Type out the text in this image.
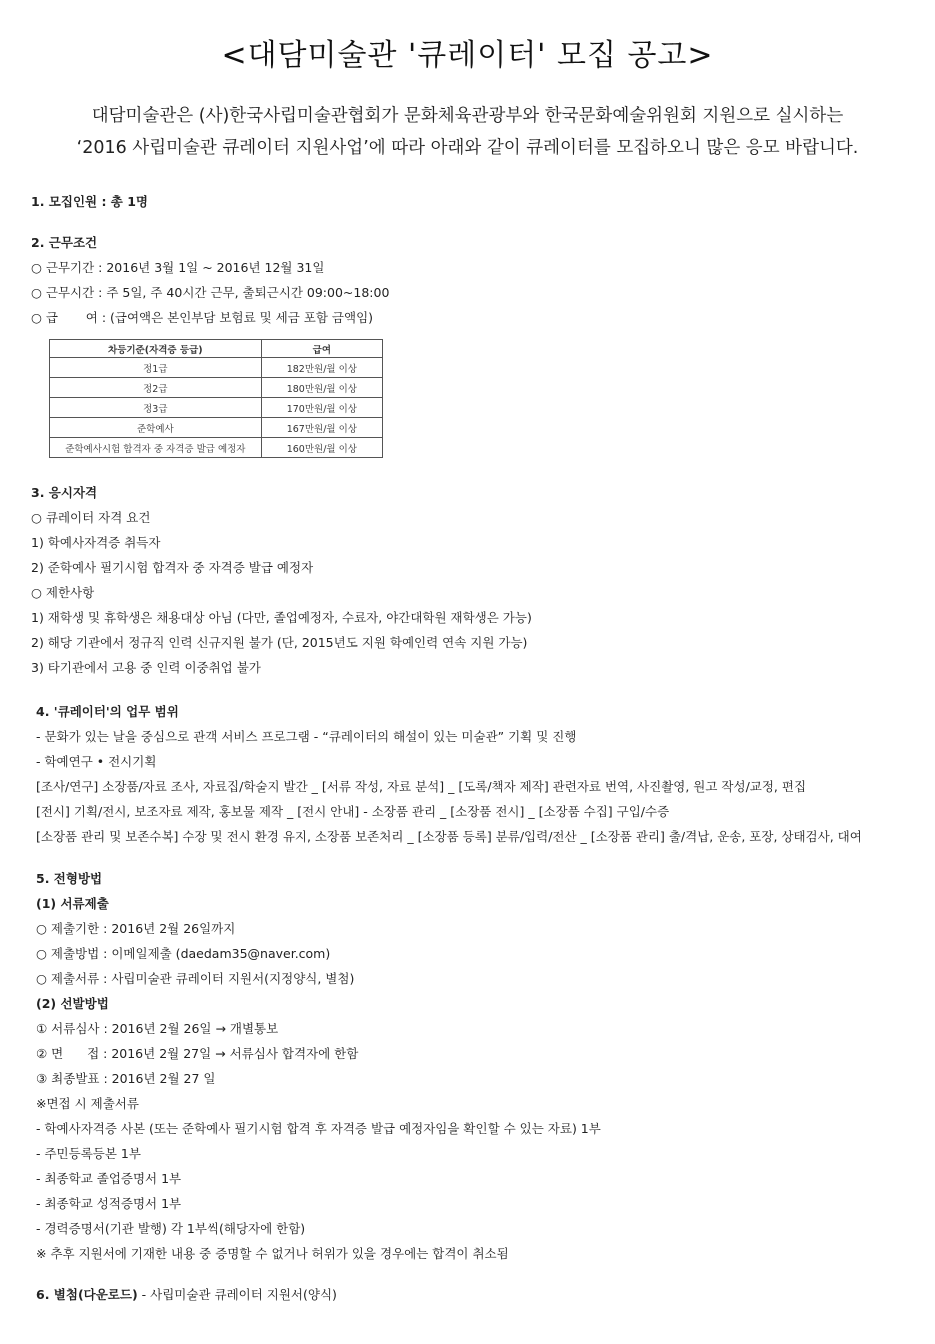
<대담미술관 '큐레이터' 모집 공고>
대담미술관은 (사)한국사립미술관협회가 문화체육관광부와 한국문화예술위원회 지원으로 실시하는
‘2016 사립미술관 큐레이터 지원사업’에 따라 아래와 같이 큐레이터를 모집하오니 많은 응모 바랍니다.
1. 모집인원 : 총 1명
2. 근무조건
○ 근무기간 : 2016년 3월 1일 ~ 2016년 12월 31일
○ 근무시간 : 주 5일, 주 40시간 근무, 출퇴근시간 09:00~18:00
○ 급       여 : (급여액은 본인부담 보험료 및 세금 포함 금액임)
차등기준(자격증 등급)	급여
정1급	182만원/월 이상
정2급	180만원/월 이상
정3급	170만원/월 이상
준학예사	167만원/월 이상
준학예사시험 합격자 중 자격증 발급 예정자	160만원/월 이상
3. 응시자격
○ 큐레이터 자격 요건
1) 학예사자격증 취득자
2) 준학예사 필기시험 합격자 중 자격증 발급 예정자
○ 제한사항
1) 재학생 및 휴학생은 채용대상 아님 (다만, 졸업예정자, 수료자, 야간대학원 재학생은 가능)
2) 해당 기관에서 정규직 인력 신규지원 불가 (단, 2015년도 지원 학예인력 연속 지원 가능)
3) 타기관에서 고용 중 인력 이중취업 불가
4. '큐레이터'의 업무 범위
- 문화가 있는 날을 중심으로 관객 서비스 프로그램 - “큐레이터의 해설이 있는 미술관” 기획 및 진행
- 학예연구 • 전시기획
[조사/연구] 소장품/자료 조사, 자료집/학술지 발간 _ [서류 작성, 자료 분석] _ [도록/책자 제작] 관련자료 번역, 사진촬영, 원고 작성/교정, 편집
[전시] 기획/전시, 보조자료 제작, 홍보물 제작 _ [전시 안내] - 소장품 관리 _ [소장품 전시] _ [소장품 수집] 구입/수증
[소장품 관리 및 보존수복] 수장 및 전시 환경 유지, 소장품 보존처리 _ [소장품 등록] 분류/입력/전산 _ [소장품 관리] 출/격납, 운송, 포장, 상태검사, 대여
5. 전형방법
(1) 서류제출
○ 제출기한 : 2016년 2월 26일까지
○ 제출방법 : 이메일제출 (daedam35@naver.com)
○ 제출서류 : 사립미술관 큐레이터 지원서(지정양식, 별첨)
(2) 선발방법
① 서류심사 : 2016년 2월 26일 → 개별통보
② 면      접 : 2016년 2월 27일 → 서류심사 합격자에 한함
③ 최종발표 : 2016년 2월 27 일
※면접 시 제출서류
- 학예사자격증 사본 (또는 준학예사 필기시험 합격 후 자격증 발급 예정자임을 확인할 수 있는 자료) 1부
- 주민등록등본 1부
- 최종학교 졸업증명서 1부
- 최종학교 성적증명서 1부
- 경력증명서(기관 발행) 각 1부씩(해당자에 한함)
※ 추후 지원서에 기재한 내용 중 증명할 수 없거나 허위가 있을 경우에는 합격이 취소됨
6. 별첨(다운로드) - 사립미술관 큐레이터 지원서(양식)
